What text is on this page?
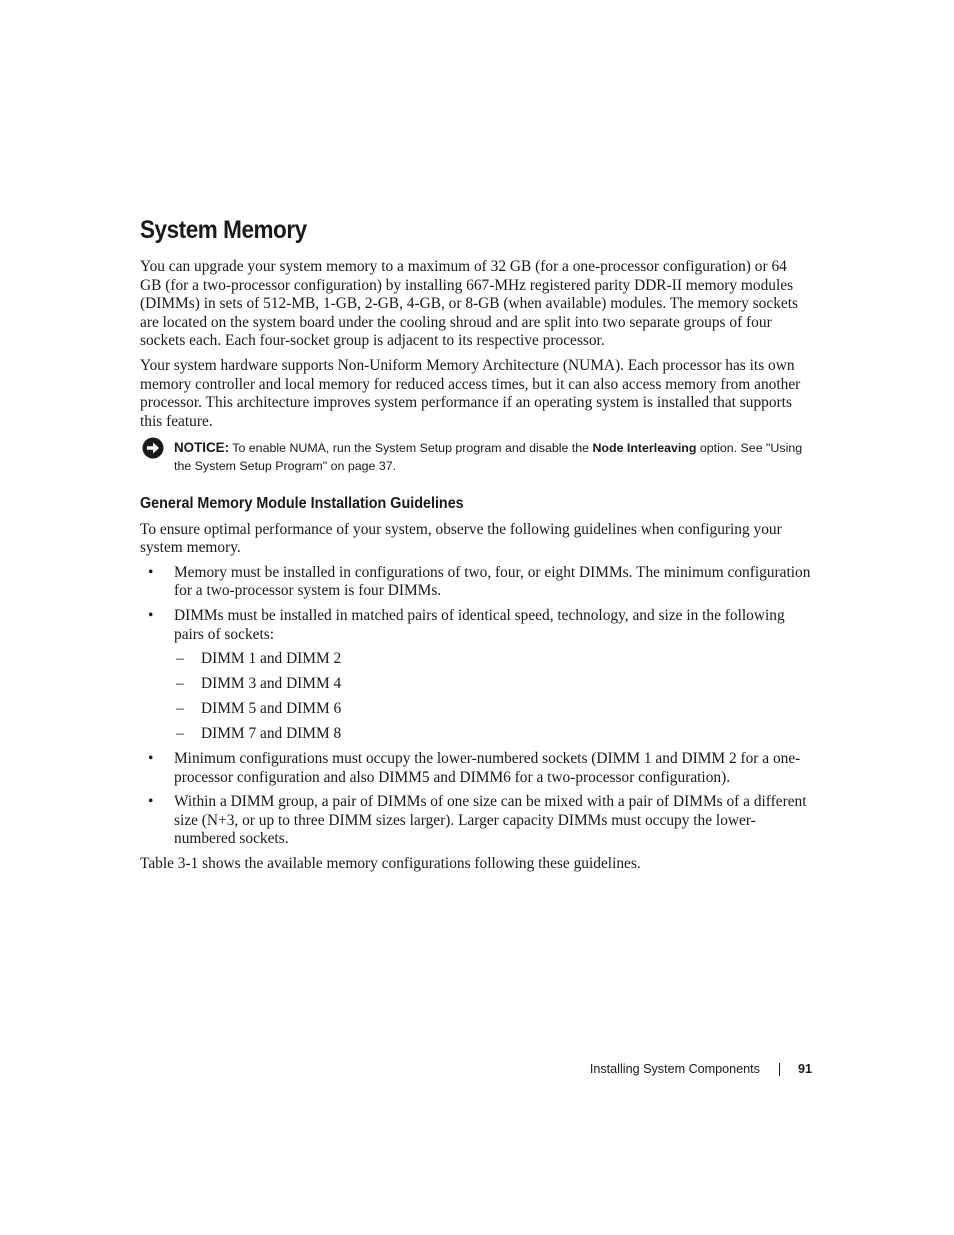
System Memory

You can upgrade your system memory to a maximum of 32 GB (for a one-processor configuration) or 64 GB (for a two-processor configuration) by installing 667-MHz registered parity DDR-II memory modules (DIMMs) in sets of 512-MB, 1-GB, 2-GB, 4-GB, or 8-GB (when available) modules. The memory sockets are located on the system board under the cooling shroud and are split into two separate groups of four sockets each. Each four-socket group is adjacent to its respective processor.

Your system hardware supports Non-Uniform Memory Architecture (NUMA). Each processor has its own memory controller and local memory for reduced access times, but it can also access memory from another processor. This architecture improves system performance if an operating system is installed that supports this feature.

NOTICE: To enable NUMA, run the System Setup program and disable the Node Interleaving option. See "Using the System Setup Program" on page 37.
General Memory Module Installation Guidelines

To ensure optimal performance of your system, observe the following guidelines when configuring your system memory.

• Memory must be installed in configurations of two, four, or eight DIMMs. The minimum configuration for a two-processor system is four DIMMs.
• DIMMs must be installed in matched pairs of identical speed, technology, and size in the following pairs of sockets:
– DIMM 1 and DIMM 2
– DIMM 3 and DIMM 4
– DIMM 5 and DIMM 6
– DIMM 7 and DIMM 8
• Minimum configurations must occupy the lower-numbered sockets (DIMM 1 and DIMM 2 for a one-processor configuration and also DIMM5 and DIMM6 for a two-processor configuration).
• Within a DIMM group, a pair of DIMMs of one size can be mixed with a pair of DIMMs of a different size (N+3, or up to three DIMM sizes larger). Larger capacity DIMMs must occupy the lower-numbered sockets.

Table 3-1 shows the available memory configurations following these guidelines.

Installing System Components	91
